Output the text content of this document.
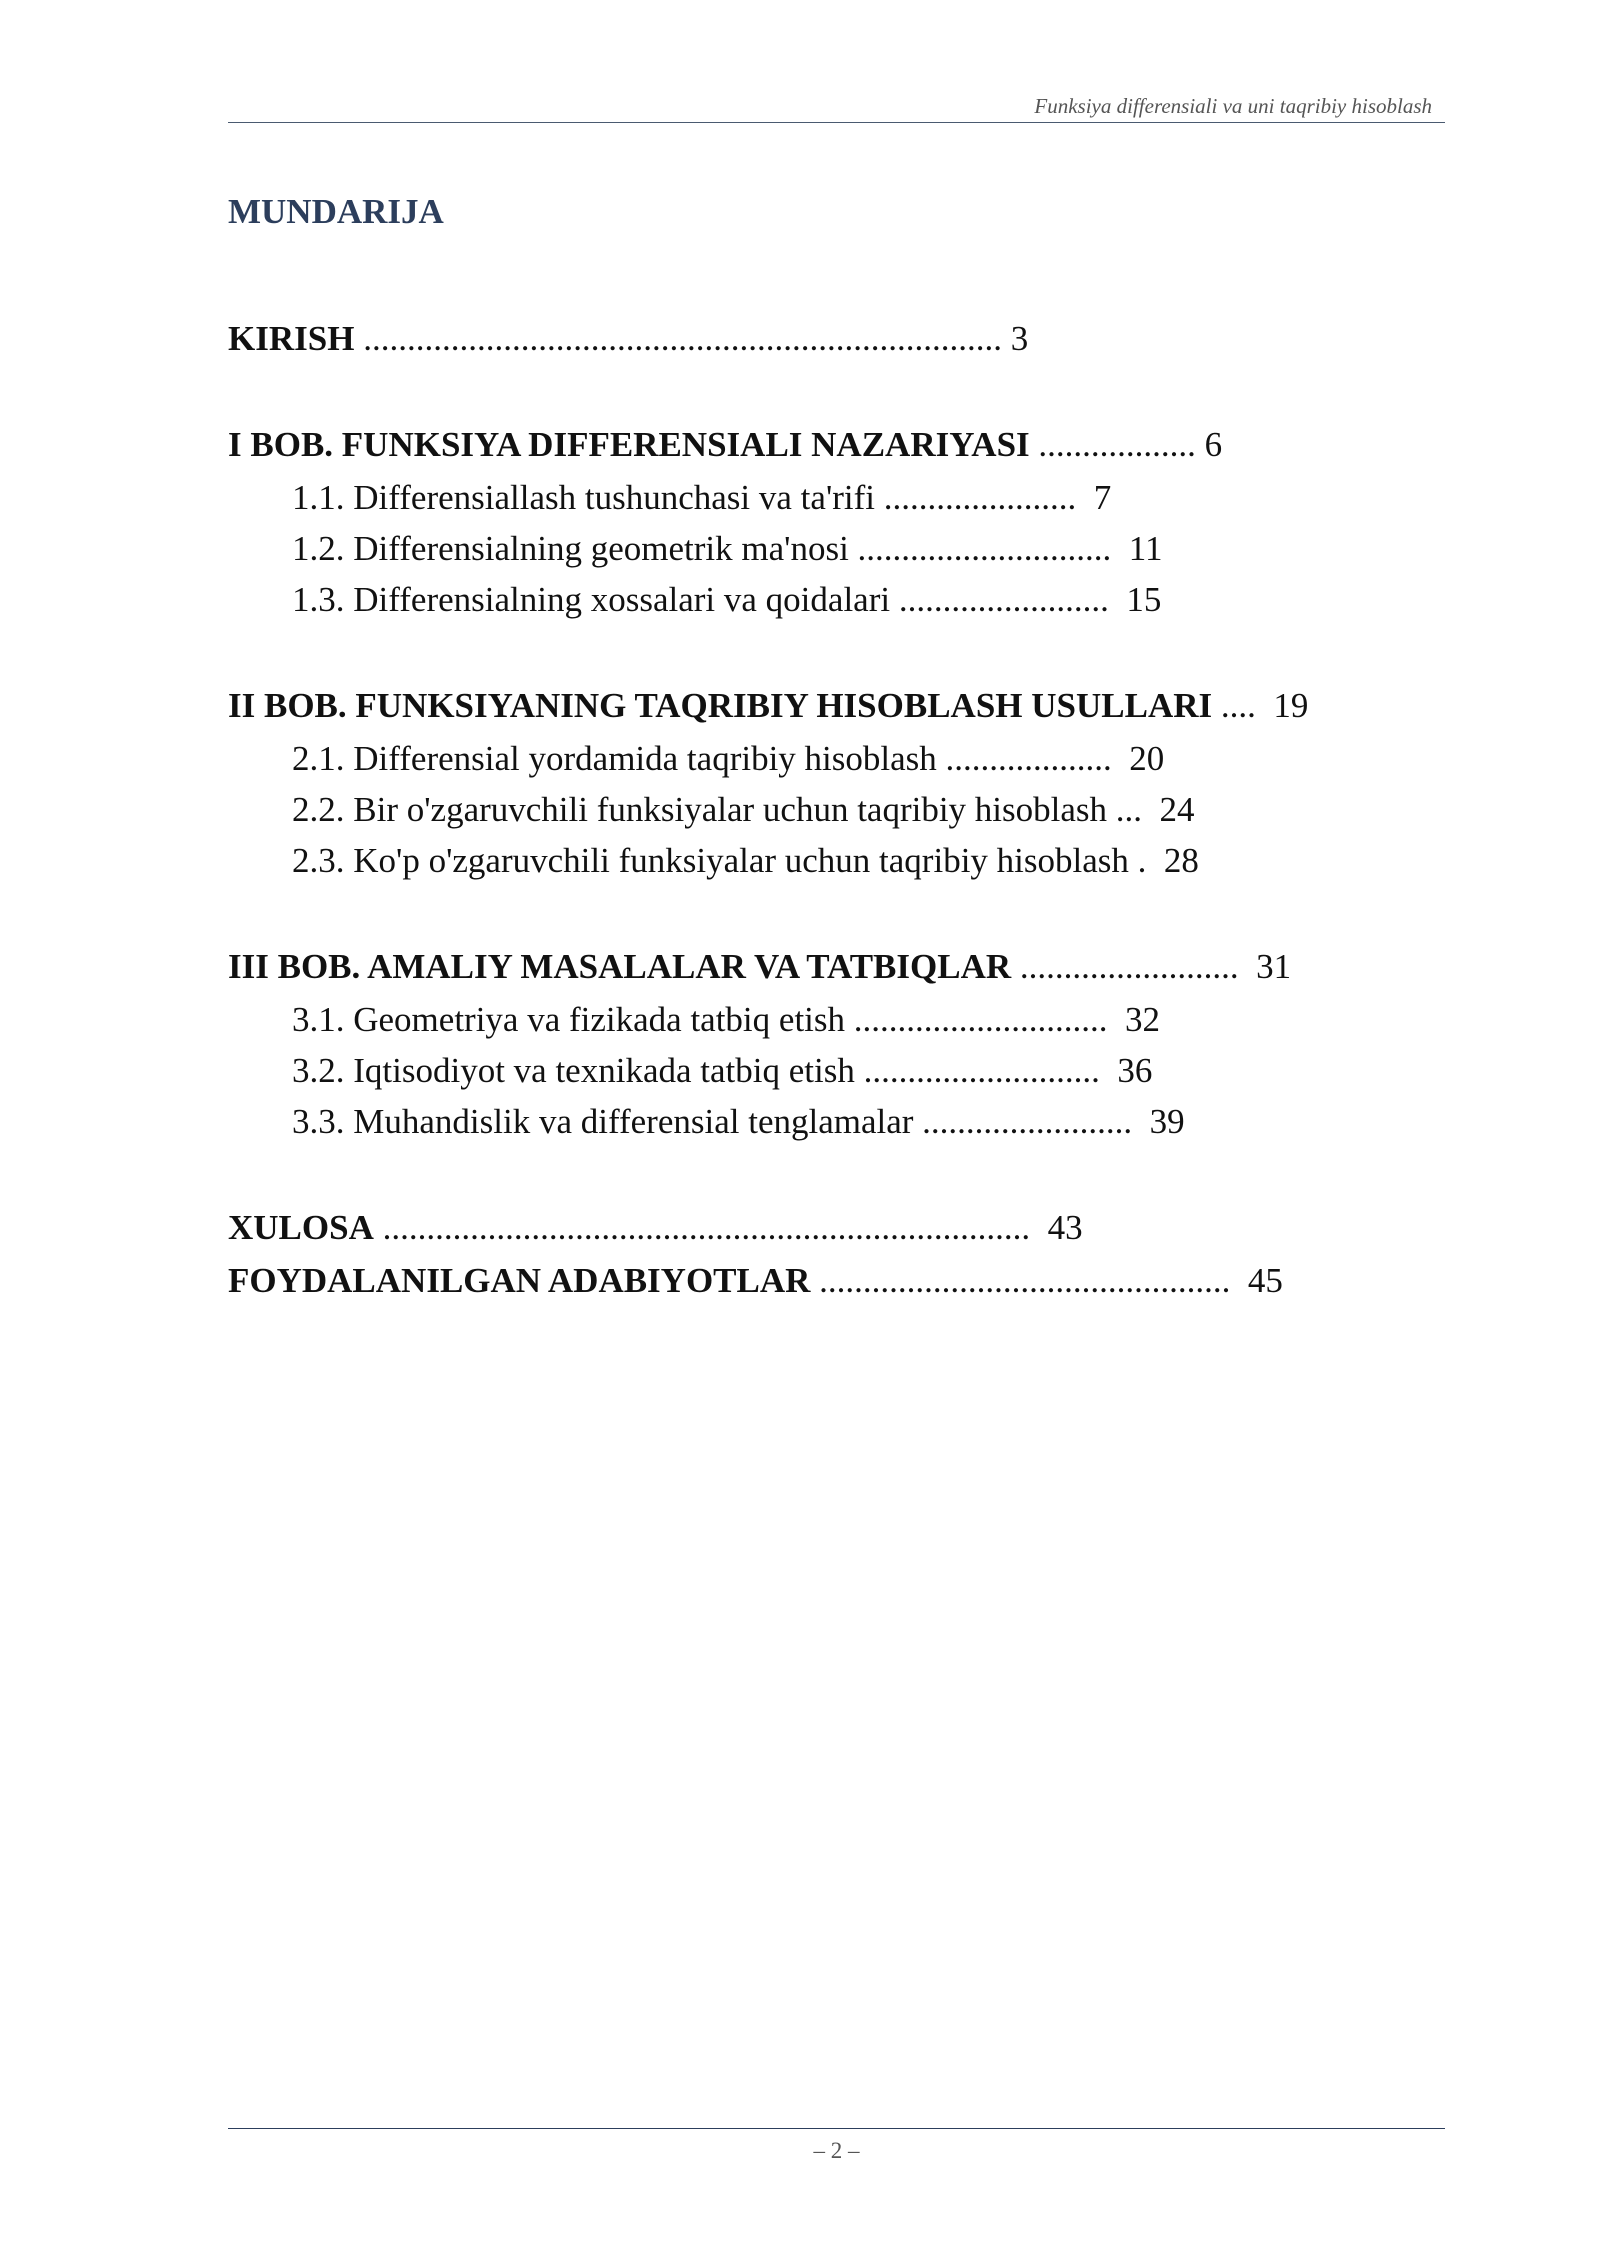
Funksiya differensiali va uni taqribiy hisoblash
MUNDARIJA
KIRISH ......................................................................... 3
I BOB. FUNKSIYA DIFFERENSIALI NAZARIYASI .................. 6
1.1. Differensiallash tushunchasi va ta'rifi ......................  7
1.2. Differensialning geometrik ma'nosi .............................  11
1.3. Differensialning xossalari va qoidalari ........................  15
II BOB. FUNKSIYANING TAQRIBIY HISOBLASH USULLARI ....  19
2.1. Differensial yordamida taqribiy hisoblash ...................  20
2.2. Bir o'zgaruvchili funksiyalar uchun taqribiy hisoblash ...  24
2.3. Ko'p o'zgaruvchili funksiyalar uchun taqribiy hisoblash .  28
III BOB. AMALIY MASALALAR VA TATBIQLAR .........................  31
3.1. Geometriya va fizikada tatbiq etish .............................  32
3.2. Iqtisodiyot va texnikada tatbiq etish ...........................  36
3.3. Muhandislik va differensial tenglamalar ........................  39
XULOSA ..........................................................................  43
FOYDALANILGAN ADABIYOTLAR ...............................................  45
– 2 –
